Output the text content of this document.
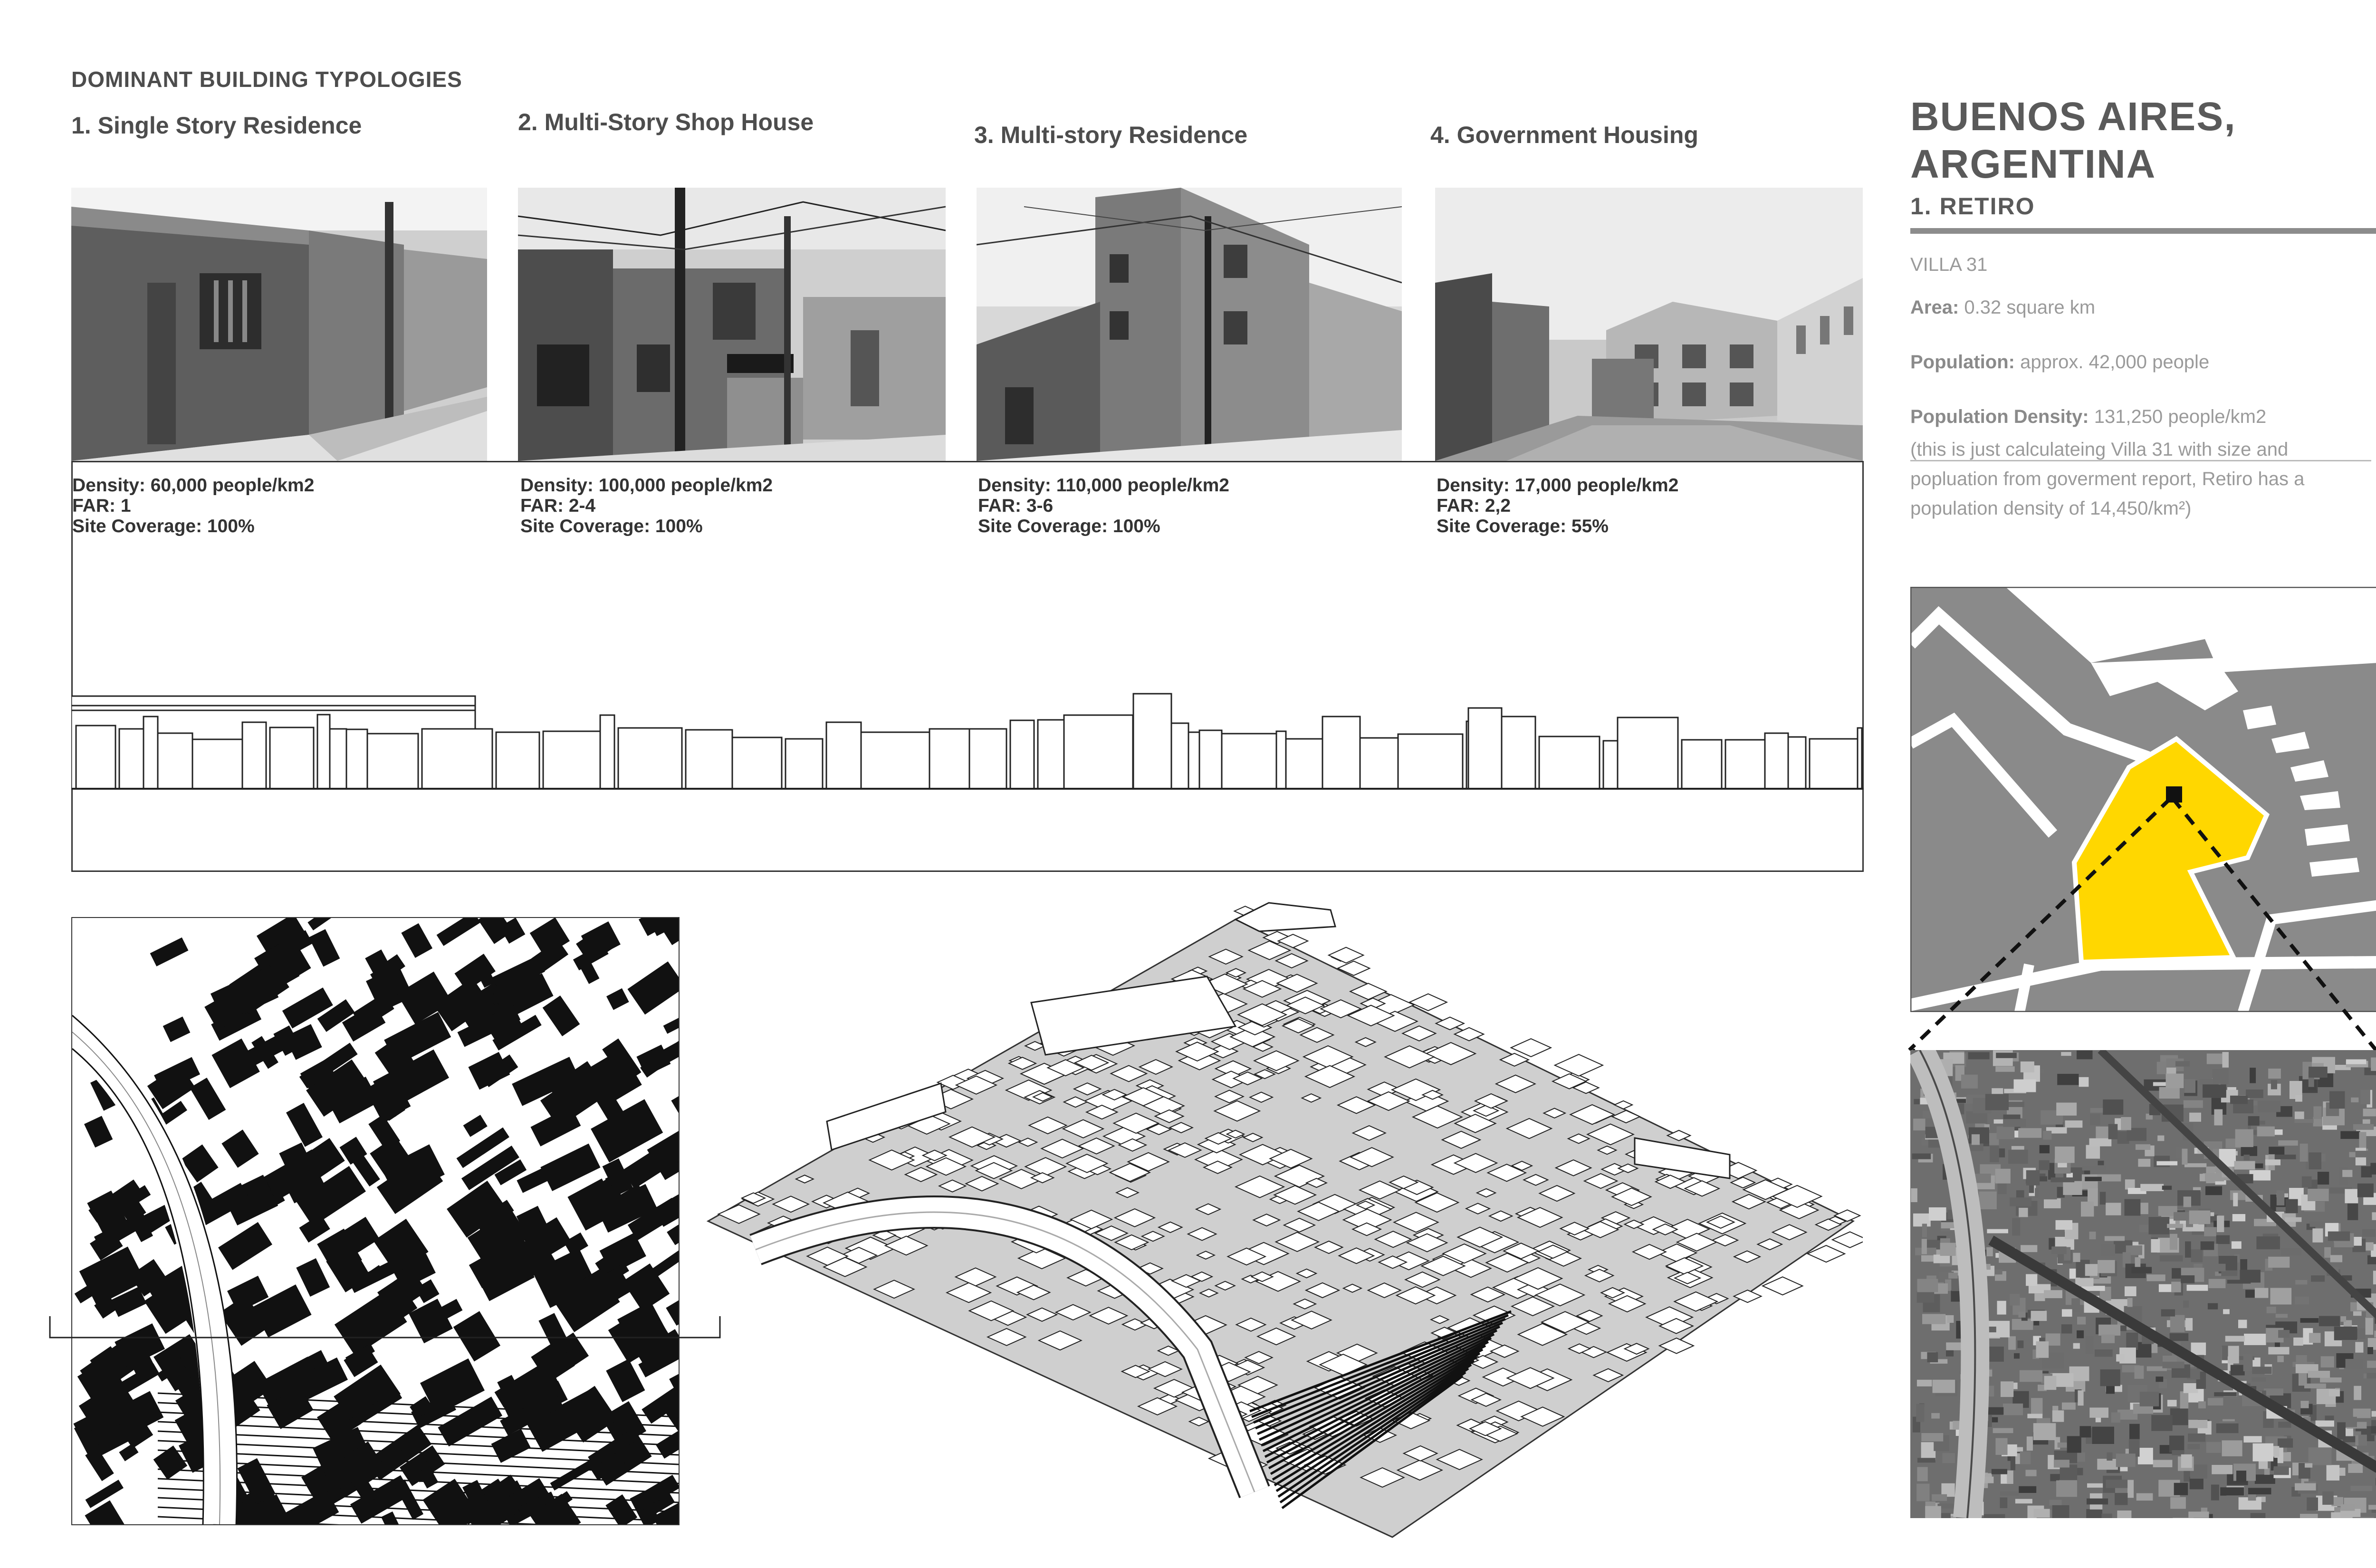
DOMINANT BUILDING TYPOLOGIES
1. Single Story Residence	2. Multi-Story Shop House	3. Multi-story Residence	4. Government Housing
Density: 60,000 people/km2
FAR: 1
Site Coverage: 100%
Density: 100,000 people/km2
FAR: 2-4
Site Coverage: 100%
Density: 110,000 people/km2
FAR: 3-6
Site Coverage: 100%
Density: 17,000 people/km2
FAR: 2,2
Site Coverage: 55%
BUENOS AIRES,
ARGENTINA
1. RETIRO
VILLA 31
Area: 0.32 square km
Population: approx. 42,000 people
Population Density: 131,250 people/km2
(this is just calculateing Villa 31 with size and
popluation from goverment report, Retiro has a
population density of 14,450/km²)
